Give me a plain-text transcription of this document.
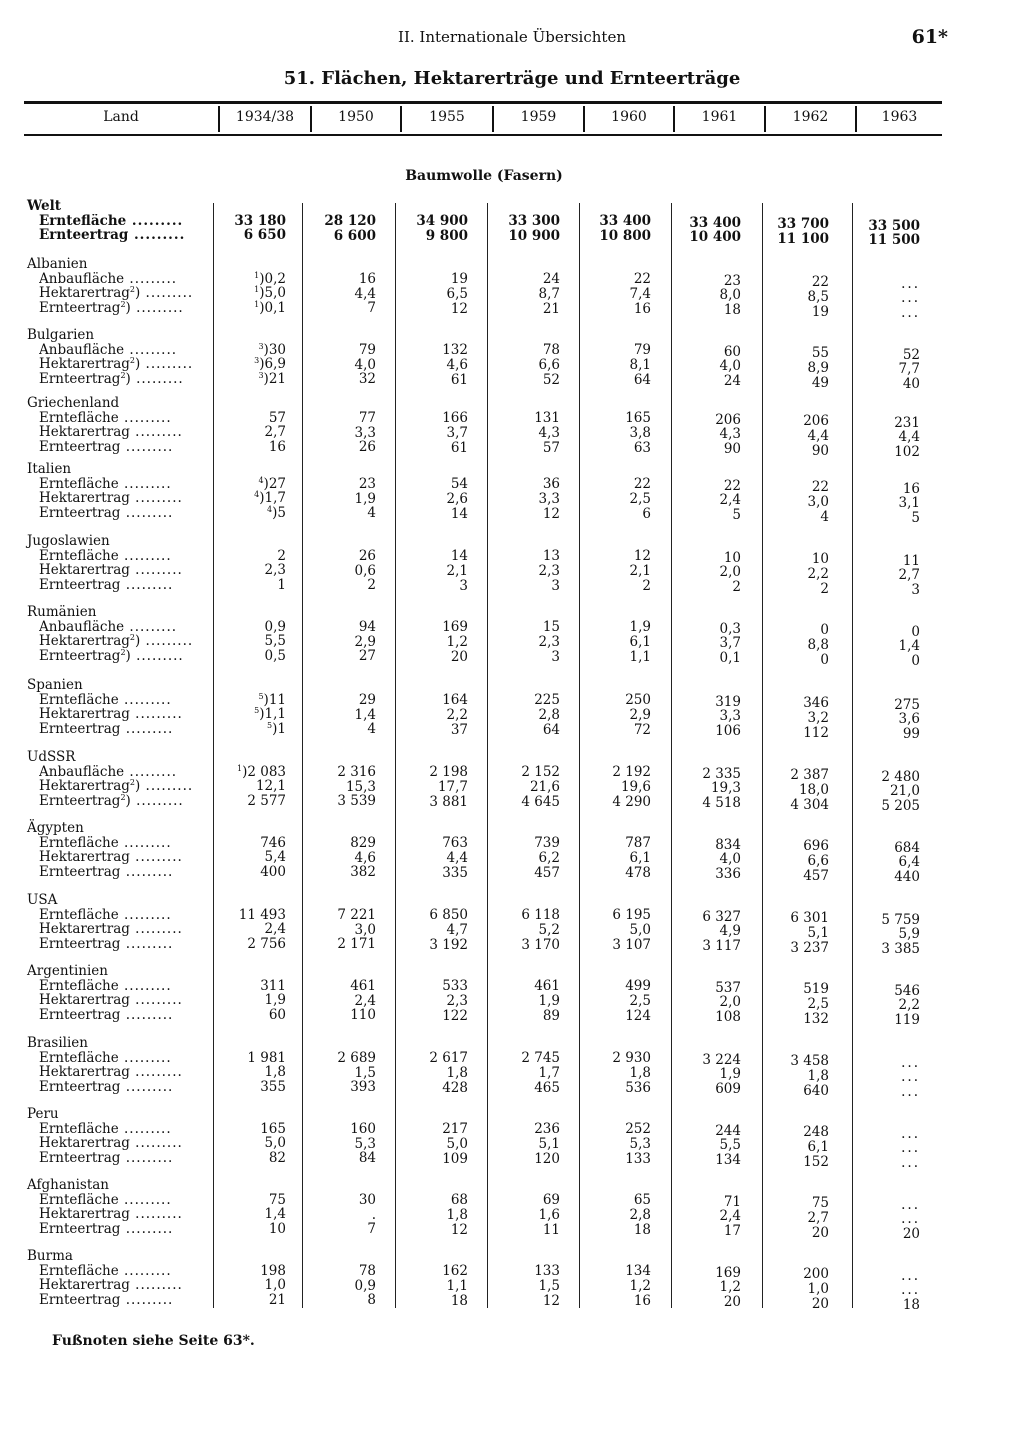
II. Internationale Übersichten	61*
51. Flächen, Hektarerträge und Ernteerträge
Land	1934/38	1950	1955	1959	1960	1961	1962	1963
Baumwolle (Fasern)
Welt
Erntefläche .........	33 180	28 120	34 900	33 300	33 400	33 400	33 700	33 500
Ernteertrag .........	6 650	6 600	9 800	10 900	10 800	10 400	11 100	11 500
Albanien
Anbaufläche .........	$^1$)0,2	16	19	24	22	23	22	...
Hektarertrag$^2$) .........	$^1$)5,0	4,4	6,5	8,7	7,4	8,0	8,5	...
Ernteertrag$^2$) .........	$^1$)0,1	7	12	21	16	18	19	...
Bulgarien
Anbaufläche .........	$^3$)30	79	132	78	79	60	55	52
Hektarertrag$^2$) .........	$^3$)6,9	4,0	4,6	6,6	8,1	4,0	8,9	7,7
Ernteertrag$^2$) .........	$^3$)21	32	61	52	64	24	49	40
Griechenland
Erntefläche .........	57	77	166	131	165	206	206	231
Hektarertrag .........	2,7	3,3	3,7	4,3	3,8	4,3	4,4	4,4
Ernteertrag .........	16	26	61	57	63	90	90	102
Italien
Erntefläche .........	$^4$)27	23	54	36	22	22	22	16
Hektarertrag .........	$^4$)1,7	1,9	2,6	3,3	2,5	2,4	3,0	3,1
Ernteertrag .........	$^4$)5	4	14	12	6	5	4	5
Jugoslawien
Erntefläche .........	2	26	14	13	12	10	10	11
Hektarertrag .........	2,3	0,6	2,1	2,3	2,1	2,0	2,2	2,7
Ernteertrag .........	1	2	3	3	2	2	2	3
Rumänien
Anbaufläche .........	0,9	94	169	15	1,9	0,3	0	0
Hektarertrag$^2$) .........	5,5	2,9	1,2	2,3	6,1	3,7	8,8	1,4
Ernteertrag$^2$) .........	0,5	27	20	3	1,1	0,1	0	0
Spanien
Erntefläche .........	$^5$)11	29	164	225	250	319	346	275
Hektarertrag .........	$^5$)1,1	1,4	2,2	2,8	2,9	3,3	3,2	3,6
Ernteertrag .........	$^5$)1	4	37	64	72	106	112	99
UdSSR
Anbaufläche .........	$^1$)2 083	2 316	2 198	2 152	2 192	2 335	2 387	2 480
Hektarertrag$^2$) .........	12,1	15,3	17,7	21,6	19,6	19,3	18,0	21,0
Ernteertrag$^2$) .........	2 577	3 539	3 881	4 645	4 290	4 518	4 304	5 205
Ägypten
Erntefläche .........	746	829	763	739	787	834	696	684
Hektarertrag .........	5,4	4,6	4,4	6,2	6,1	4,0	6,6	6,4
Ernteertrag .........	400	382	335	457	478	336	457	440
USA
Erntefläche .........	11 493	7 221	6 850	6 118	6 195	6 327	6 301	5 759
Hektarertrag .........	2,4	3,0	4,7	5,2	5,0	4,9	5,1	5,9
Ernteertrag .........	2 756	2 171	3 192	3 170	3 107	3 117	3 237	3 385
Argentinien
Erntefläche .........	311	461	533	461	499	537	519	546
Hektarertrag .........	1,9	2,4	2,3	1,9	2,5	2,0	2,5	2,2
Ernteertrag .........	60	110	122	89	124	108	132	119
Brasilien
Erntefläche .........	1 981	2 689	2 617	2 745	2 930	3 224	3 458	...
Hektarertrag .........	1,8	1,5	1,8	1,7	1,8	1,9	1,8	...
Ernteertrag .........	355	393	428	465	536	609	640	...
Peru
Erntefläche .........	165	160	217	236	252	244	248	...
Hektarertrag .........	5,0	5,3	5,0	5,1	5,3	5,5	6,1	...
Ernteertrag .........	82	84	109	120	133	134	152	...
Afghanistan
Erntefläche .........	75	30	68	69	65	71	75	...
Hektarertrag .........	1,4	.	1,8	1,6	2,8	2,4	2,7	...
Ernteertrag .........	10	7	12	11	18	17	20	20
Burma
Erntefläche .........	198	78	162	133	134	169	200	...
Hektarertrag .........	1,0	0,9	1,1	1,5	1,2	1,2	1,0	...
Ernteertrag .........	21	8	18	12	16	20	20	18
Fußnoten siehe Seite 63*.
